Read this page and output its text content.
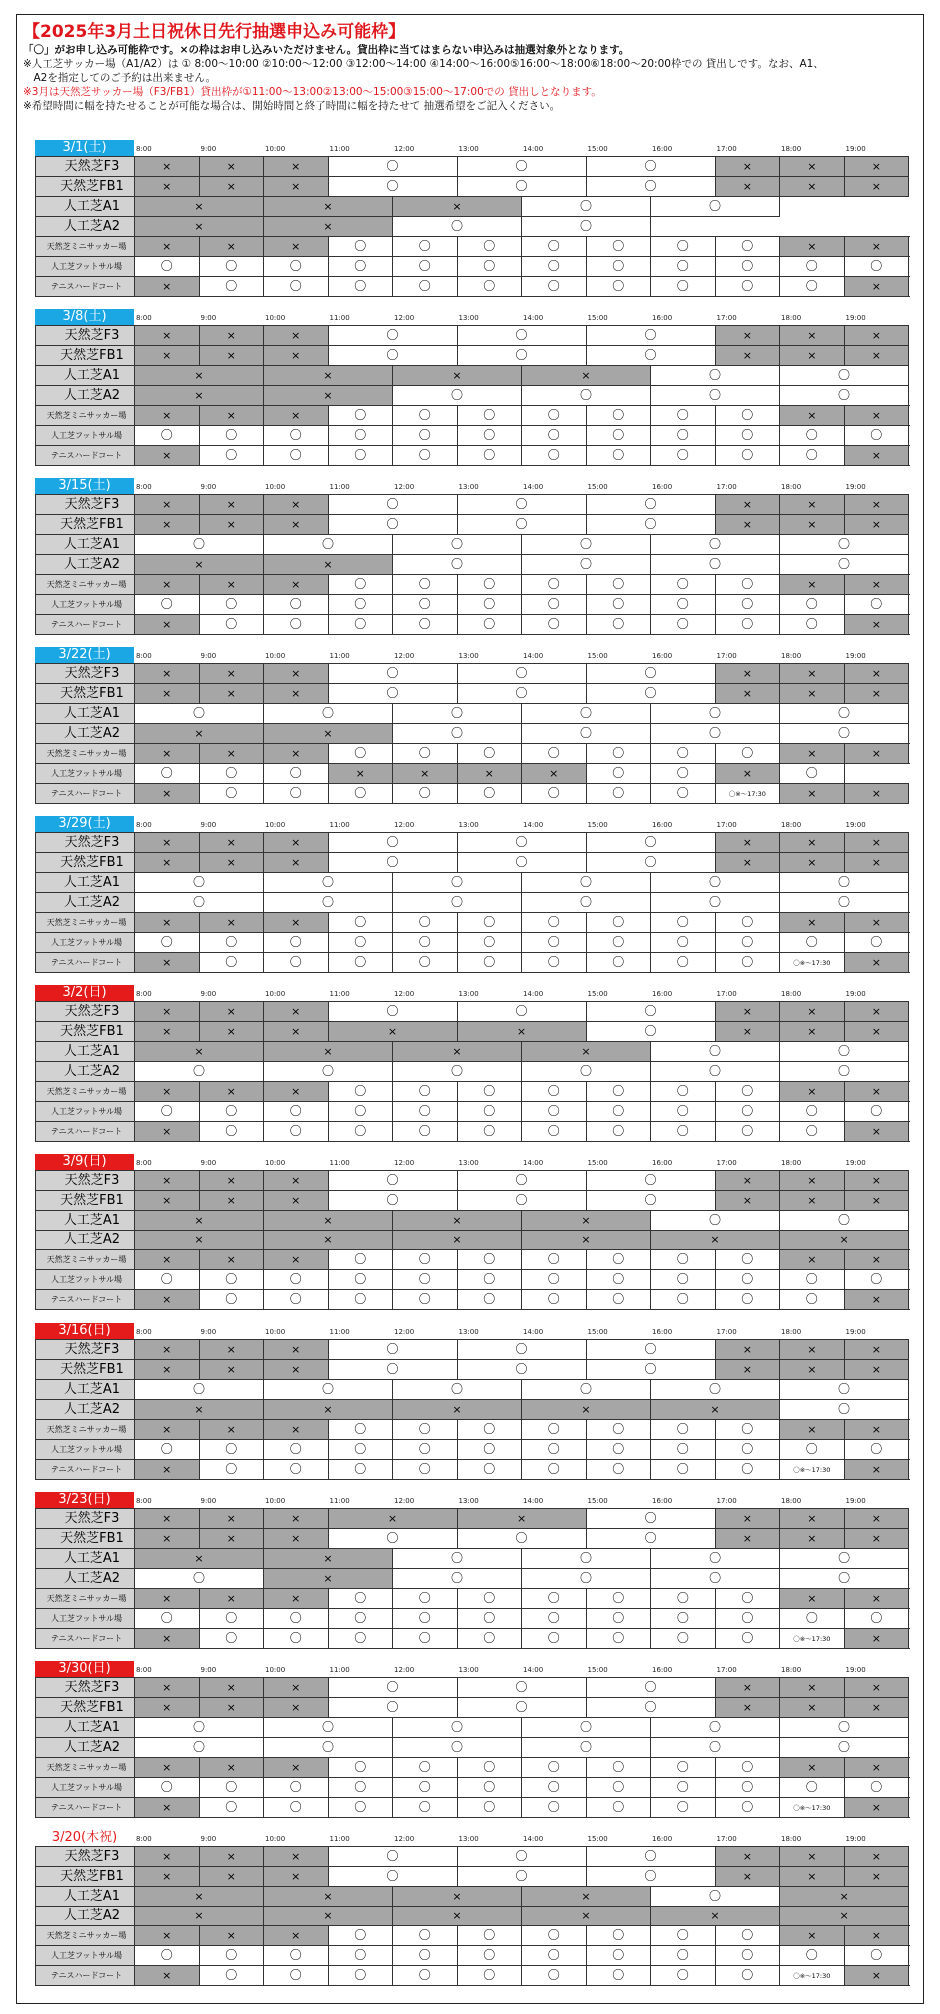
【2025年3月土日祝休日先行抽選申込み可能枠】
「〇」がお申し込み可能枠です。×の枠はお申し込みいただけません。貸出枠に当てはまらない申込みは抽選対象外となります。
※人工芝サッカー場（A1/A2）は ① 8:00～10:00 ②10:00～12:00 ③12:00～14:00 ④14:00～16:00⑤16:00～18:00⑥18:00～20:00枠での 貸出しです。なお、A1、
　A2を指定してのご予約は出来ません。
※3月は天然芝サッカー場（F3/FB1）貸出枠が①11:00～13:00②13:00～15:00③15:00～17:00での 貸出しとなります。
※希望時間に幅を持たせることが可能な場合は、開始時間と終了時間に幅を持たせて 抽選希望をご記入ください。
3/1(土)	8:00	9:00	10:00	11:00	12:00	13:00	14:00	15:00	16:00	17:00	18:00	19:00
天然芝F3	×	×	×	〇		〇		〇		×	×	×	
天然芝FB1	×	×	×	〇		〇		〇		×	×	×	
人工芝A1	×		×		×		〇		〇				
人工芝A2	×		×		〇		〇						
天然芝ミニサッカー場	×	×	×	〇	〇	〇	〇	〇	〇	〇	×	×	
人工芝フットサル場	〇	〇	〇	〇	〇	〇	〇	〇	〇	〇	〇	〇		
テニスハードコート	×	〇	〇	〇	〇	〇	〇	〇	〇	〇	〇	×	
3/8(土)	8:00	9:00	10:00	11:00	12:00	13:00	14:00	15:00	16:00	17:00	18:00	19:00
天然芝F3	×	×	×	〇		〇		〇		×	×	×	
天然芝FB1	×	×	×	〇		〇		〇		×	×	×	
人工芝A1	×		×		×		×		〇		〇		
人工芝A2	×		×		〇		〇		〇		〇		
天然芝ミニサッカー場	×	×	×	〇	〇	〇	〇	〇	〇	〇	×	×	
人工芝フットサル場	〇	〇	〇	〇	〇	〇	〇	〇	〇	〇	〇	〇		
テニスハードコート	×	〇	〇	〇	〇	〇	〇	〇	〇	〇	〇	×	
3/15(土)	8:00	9:00	10:00	11:00	12:00	13:00	14:00	15:00	16:00	17:00	18:00	19:00
天然芝F3	×	×	×	〇		〇		〇		×	×	×	
天然芝FB1	×	×	×	〇		〇		〇		×	×	×	
人工芝A1	〇		〇		〇		〇		〇		〇		
人工芝A2	×		×		〇		〇		〇		〇		
天然芝ミニサッカー場	×	×	×	〇	〇	〇	〇	〇	〇	〇	×	×	
人工芝フットサル場	〇	〇	〇	〇	〇	〇	〇	〇	〇	〇	〇	〇		
テニスハードコート	×	〇	〇	〇	〇	〇	〇	〇	〇	〇	〇	×	
3/22(土)	8:00	9:00	10:00	11:00	12:00	13:00	14:00	15:00	16:00	17:00	18:00	19:00
天然芝F3	×	×	×	〇		〇		〇		×	×	×	
天然芝FB1	×	×	×	〇		〇		〇		×	×	×	
人工芝A1	〇		〇		〇		〇		〇		〇		
人工芝A2	×		×		〇		〇		〇		〇		
天然芝ミニサッカー場	×	×	×	〇	〇	〇	〇	〇	〇	〇	×	×	
人工芝フットサル場	〇	〇	〇	×	×	×	×	〇	〇	×	〇		
テニスハードコート	×	〇	〇	〇	〇	〇	〇	〇	〇	〇※～17:30	×	×	
3/29(土)	8:00	9:00	10:00	11:00	12:00	13:00	14:00	15:00	16:00	17:00	18:00	19:00
天然芝F3	×	×	×	〇		〇		〇		×	×	×	
天然芝FB1	×	×	×	〇		〇		〇		×	×	×	
人工芝A1	〇		〇		〇		〇		〇		〇		
人工芝A2	〇		〇		〇		〇		〇		〇		
天然芝ミニサッカー場	×	×	×	〇	〇	〇	〇	〇	〇	〇	×	×	
人工芝フットサル場	〇	〇	〇	〇	〇	〇	〇	〇	〇	〇	〇	〇		
テニスハードコート	×	〇	〇	〇	〇	〇	〇	〇	〇	〇	〇※～17:30	×	
3/2(日)	8:00	9:00	10:00	11:00	12:00	13:00	14:00	15:00	16:00	17:00	18:00	19:00
天然芝F3	×	×	×	〇		〇		〇		×	×	×	
天然芝FB1	×	×	×	×		×		〇		×	×	×	
人工芝A1	×		×		×		×		〇		〇		
人工芝A2	〇		〇		〇		〇		〇		〇		
天然芝ミニサッカー場	×	×	×	〇	〇	〇	〇	〇	〇	〇	×	×	
人工芝フットサル場	〇	〇	〇	〇	〇	〇	〇	〇	〇	〇	〇	〇		
テニスハードコート	×	〇	〇	〇	〇	〇	〇	〇	〇	〇	〇	×	
3/9(日)	8:00	9:00	10:00	11:00	12:00	13:00	14:00	15:00	16:00	17:00	18:00	19:00
天然芝F3	×	×	×	〇		〇		〇		×	×	×	
天然芝FB1	×	×	×	〇		〇		〇		×	×	×	
人工芝A1	×		×		×		×		〇		〇		
人工芝A2	×		×		×		×		×		×		
天然芝ミニサッカー場	×	×	×	〇	〇	〇	〇	〇	〇	〇	×	×	
人工芝フットサル場	〇	〇	〇	〇	〇	〇	〇	〇	〇	〇	〇	〇		
テニスハードコート	×	〇	〇	〇	〇	〇	〇	〇	〇	〇	〇	×	
3/16(日)	8:00	9:00	10:00	11:00	12:00	13:00	14:00	15:00	16:00	17:00	18:00	19:00
天然芝F3	×	×	×	〇		〇		〇		×	×	×	
天然芝FB1	×	×	×	〇		〇		〇		×	×	×	
人工芝A1	〇		〇		〇		〇		〇		〇		
人工芝A2	×		×		×		×		×		〇		
天然芝ミニサッカー場	×	×	×	〇	〇	〇	〇	〇	〇	〇	×	×	
人工芝フットサル場	〇	〇	〇	〇	〇	〇	〇	〇	〇	〇	〇	〇		
テニスハードコート	×	〇	〇	〇	〇	〇	〇	〇	〇	〇	〇※～17:30	×	
3/23(日)	8:00	9:00	10:00	11:00	12:00	13:00	14:00	15:00	16:00	17:00	18:00	19:00
天然芝F3	×	×	×	×		×		〇		×	×	×	
天然芝FB1	×	×	×	〇		〇		〇		×	×	×	
人工芝A1	×		×		〇		〇		〇		〇		
人工芝A2	〇		×		〇		〇		〇		〇		
天然芝ミニサッカー場	×	×	×	〇	〇	〇	〇	〇	〇	〇	×	×	
人工芝フットサル場	〇	〇	〇	〇	〇	〇	〇	〇	〇	〇	〇	〇		
テニスハードコート	×	〇	〇	〇	〇	〇	〇	〇	〇	〇	〇※～17:30	×	
3/30(日)	8:00	9:00	10:00	11:00	12:00	13:00	14:00	15:00	16:00	17:00	18:00	19:00
天然芝F3	×	×	×	〇		〇		〇		×	×	×	
天然芝FB1	×	×	×	〇		〇		〇		×	×	×	
人工芝A1	〇		〇		〇		〇		〇		〇		
人工芝A2	〇		〇		〇		〇		〇		〇		
天然芝ミニサッカー場	×	×	×	〇	〇	〇	〇	〇	〇	〇	×	×	
人工芝フットサル場	〇	〇	〇	〇	〇	〇	〇	〇	〇	〇	〇	〇		
テニスハードコート	×	〇	〇	〇	〇	〇	〇	〇	〇	〇	〇※～17:30	×	
3/20(木祝)	8:00	9:00	10:00	11:00	12:00	13:00	14:00	15:00	16:00	17:00	18:00	19:00
天然芝F3	×	×	×	〇		〇		〇		×	×	×	
天然芝FB1	×	×	×	〇		〇		〇		×	×	×	
人工芝A1	×		×		×		×		〇		×		
人工芝A2	×		×		×		×		×		×		
天然芝ミニサッカー場	×	×	×	〇	〇	〇	〇	〇	〇	〇	×	×	
人工芝フットサル場	〇	〇	〇	〇	〇	〇	〇	〇	〇	〇	〇	〇		
テニスハードコート	×	〇	〇	〇	〇	〇	〇	〇	〇	〇	〇※～17:30	×	
